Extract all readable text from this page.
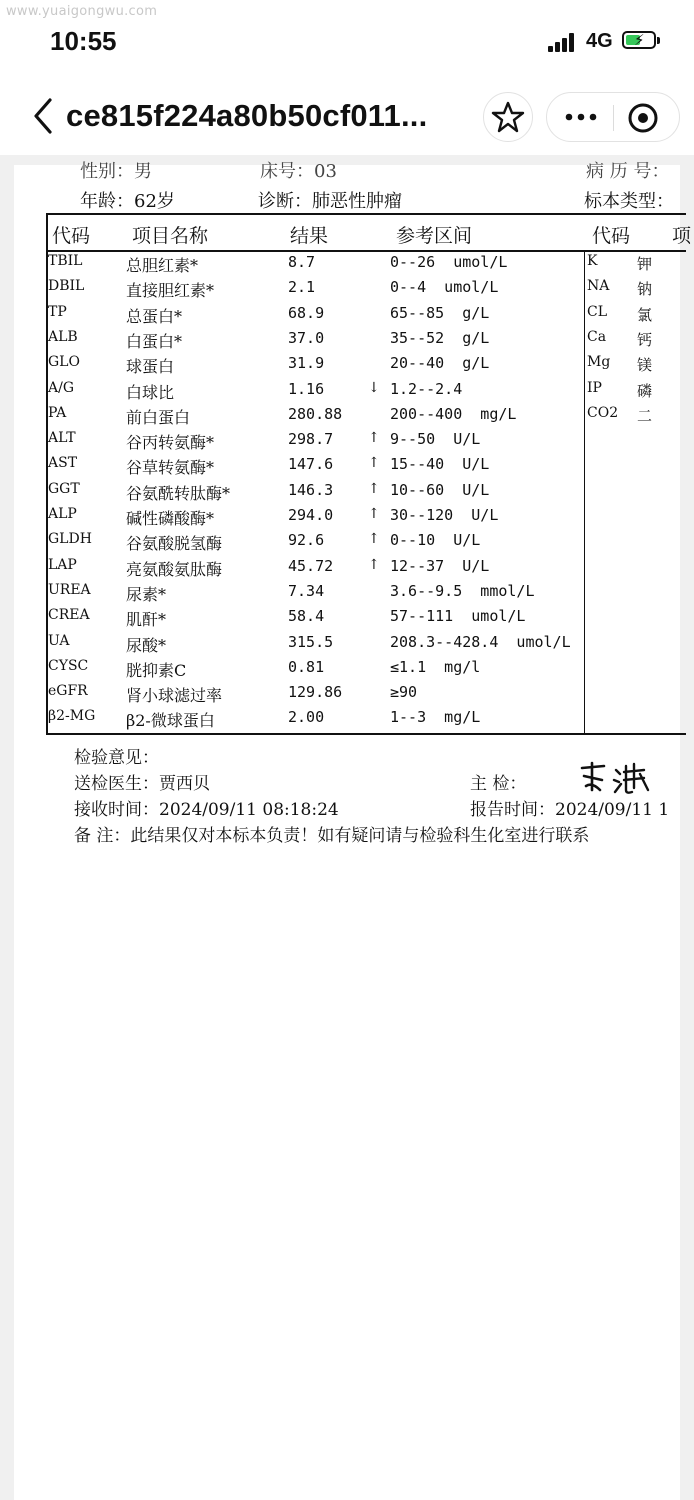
10:55	4G ⚡
www.yuaigongwu.com
ce815f224a80b50cf011...
性别：男	床号：03	病 历 号：
年龄：62岁	诊断：肺恶性肿瘤	标本类型：
代码 项目名称	结果	参考区间	代码 项
TBIL	总胆红素*	8.7	0--26  umol/L
DBIL	直接胆红素*	2.1	0--4  umol/L
TP	总蛋白*	68.9	65--85  g/L
ALB	白蛋白*	37.0	35--52  g/L
GLO	球蛋白	31.9	20--40  g/L
A/G	白球比	1.16	↓ 1.2--2.4
PA	前白蛋白	280.88	200--400  mg/L
ALT	谷丙转氨酶*	298.7 ↑ 9--50  U/L
AST	谷草转氨酶*	147.6 ↑ 15--40  U/L
GGT	谷氨酰转肽酶*	146.3 ↑ 10--60  U/L
ALP	碱性磷酸酶*	294.0 ↑ 30--120  U/L
GLDH 谷氨酸脱氢酶	92.6	↑ 0--10  U/L
LAP	亮氨酸氨肽酶	45.72 ↑ 12--37  U/L
UREA 尿素*	7.34	3.6--9.5  mmol/L
CREA 肌酐*	58.4	57--111  umol/L
UA	尿酸*	315.5	208.3--428.4  umol/L
CYSC 胱抑素C	0.81	≤1.1  mg/l
eGFR 肾小球滤过率	129.86	≥90
β2-MG β2-微球蛋白	2.00	1--3  mg/L
K	钾
NA 钠
CL 氯
Ca 钙
Mg 镁
IP 磷
CO2 二
检验意见：
送检医生：贾西贝	主 检：
接收时间：2024/09/11 08:18:24	报告时间：2024/09/11 1
备 注：此结果仅对本标本负责！如有疑问请与检验科生化室进行联系
